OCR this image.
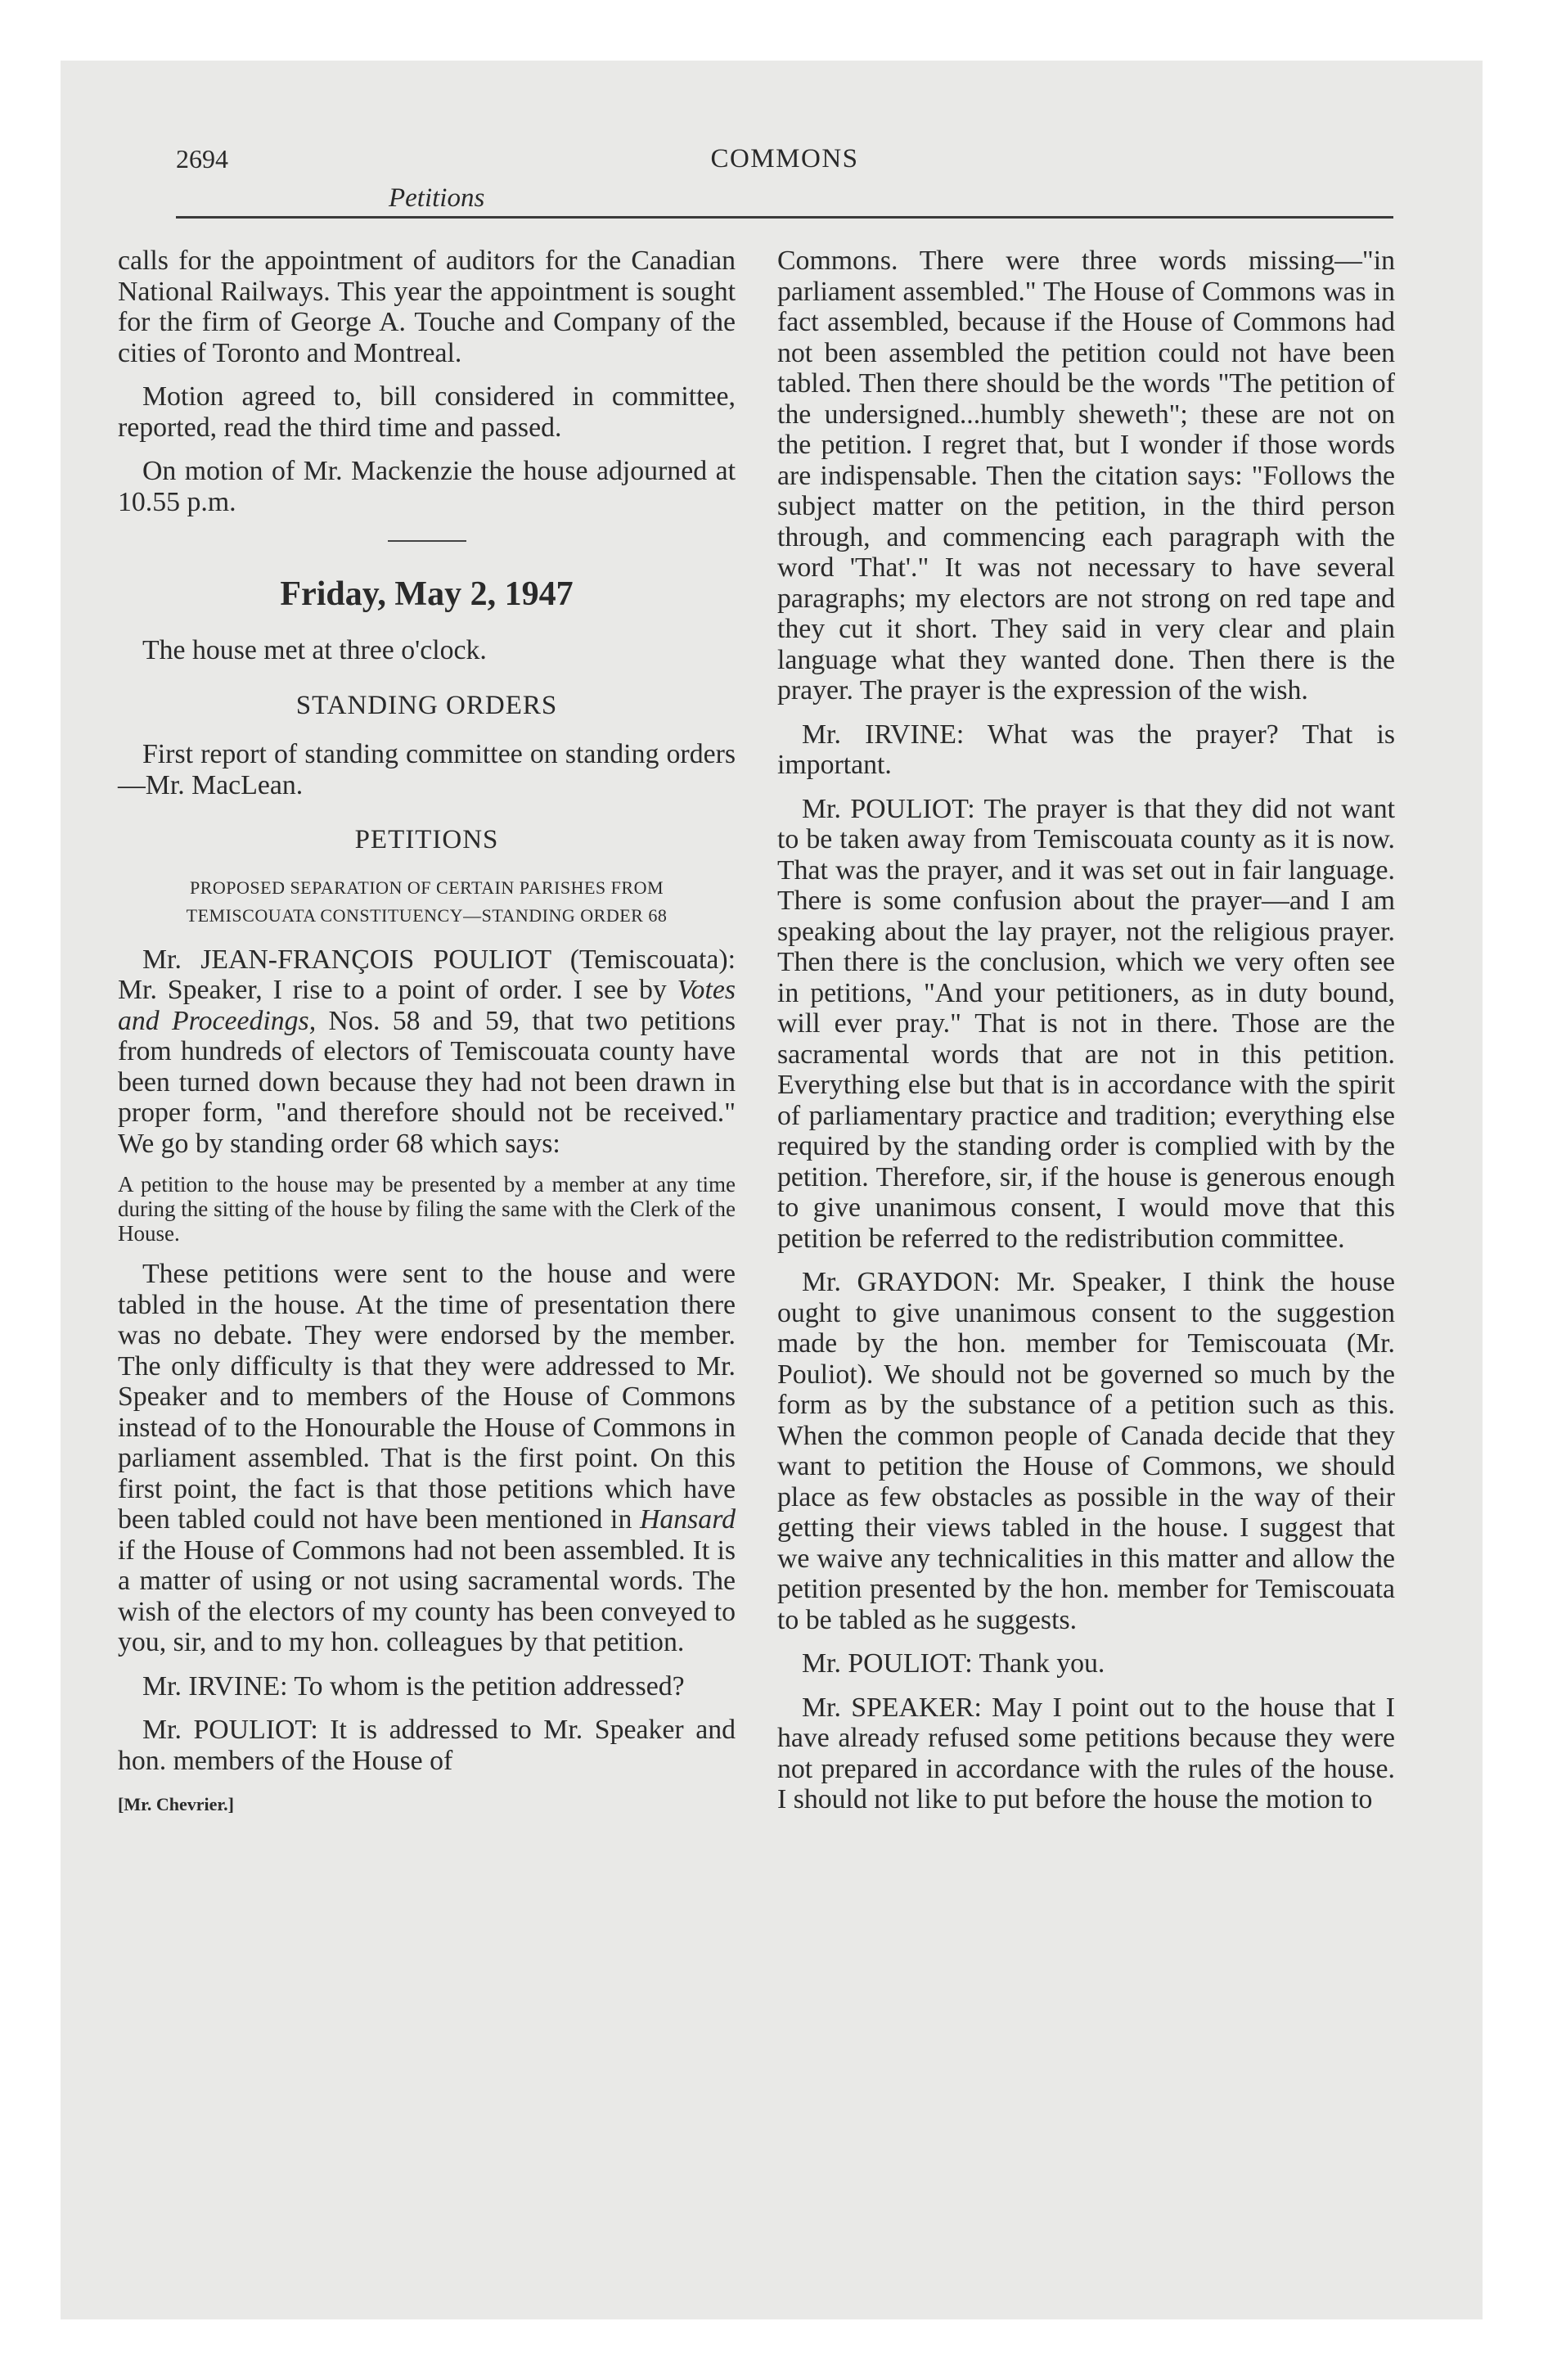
2694	COMMONS
Petitions

calls for the appointment of auditors for the Canadian National Railways. This year the appointment is sought for the firm of George A. Touche and Company of the cities of Toronto and Montreal.

Motion agreed to, bill considered in committee, reported, read the third time and passed.

On motion of Mr. Mackenzie the house adjourned at 10.55 p.m.

Friday, May 2, 1947

The house met at three o'clock.

STANDING ORDERS

First report of standing committee on standing orders—Mr. MacLean.

PETITIONS
PROPOSED SEPARATION OF CERTAIN PARISHES FROM TEMISCOUATA CONSTITUENCY—STANDING ORDER 68

Mr. JEAN-FRANÇOIS POULIOT (Temiscouata): Mr. Speaker, I rise to a point of order. I see by Votes and Proceedings, Nos. 58 and 59, that two petitions from hundreds of electors of Temiscouata county have been turned down because they had not been drawn in proper form, "and therefore should not be received." We go by standing order 68 which says:

A petition to the house may be presented by a member at any time during the sitting of the house by filing the same with the Clerk of the House.

These petitions were sent to the house and were tabled in the house. At the time of presentation there was no debate. They were endorsed by the member. The only difficulty is that they were addressed to Mr. Speaker and to members of the House of Commons instead of to the Honourable the House of Commons in parliament assembled. That is the first point. On this first point, the fact is that those petitions which have been tabled could not have been mentioned in Hansard if the House of Commons had not been assembled. It is a matter of using or not using sacramental words. The wish of the electors of my county has been conveyed to you, sir, and to my hon. colleagues by that petition.

Mr. IRVINE: To whom is the petition addressed?

Mr. POULIOT: It is addressed to Mr. Speaker and hon. members of the House of

[Mr. Chevrier.]

Commons. There were three words missing—"in parliament assembled." The House of Commons was in fact assembled, because if the House of Commons had not been assembled the petition could not have been tabled. Then there should be the words "The petition of the undersigned...humbly sheweth"; these are not on the petition. I regret that, but I wonder if those words are indispensable. Then the citation says: "Follows the subject matter on the petition, in the third person through, and commencing each paragraph with the word 'That'." It was not necessary to have several paragraphs; my electors are not strong on red tape and they cut it short. They said in very clear and plain language what they wanted done. Then there is the prayer. The prayer is the expression of the wish.

Mr. IRVINE: What was the prayer? That is important.

Mr. POULIOT: The prayer is that they did not want to be taken away from Temiscouata county as it is now. That was the prayer, and it was set out in fair language. There is some confusion about the prayer—and I am speaking about the lay prayer, not the religious prayer. Then there is the conclusion, which we very often see in petitions, "And your petitioners, as in duty bound, will ever pray." That is not in there. Those are the sacramental words that are not in this petition. Everything else but that is in accordance with the spirit of parliamentary practice and tradition; everything else required by the standing order is complied with by the petition. Therefore, sir, if the house is generous enough to give unanimous consent, I would move that this petition be referred to the redistribution committee.

Mr. GRAYDON: Mr. Speaker, I think the house ought to give unanimous consent to the suggestion made by the hon. member for Temiscouata (Mr. Pouliot). We should not be governed so much by the form as by the substance of a petition such as this. When the common people of Canada decide that they want to petition the House of Commons, we should place as few obstacles as possible in the way of their getting their views tabled in the house. I suggest that we waive any technicalities in this matter and allow the petition presented by the hon. member for Temiscouata to be tabled as he suggests.

Mr. POULIOT: Thank you.

Mr. SPEAKER: May I point out to the house that I have already refused some petitions because they were not prepared in accordance with the rules of the house. I should not like to put before the house the motion to
